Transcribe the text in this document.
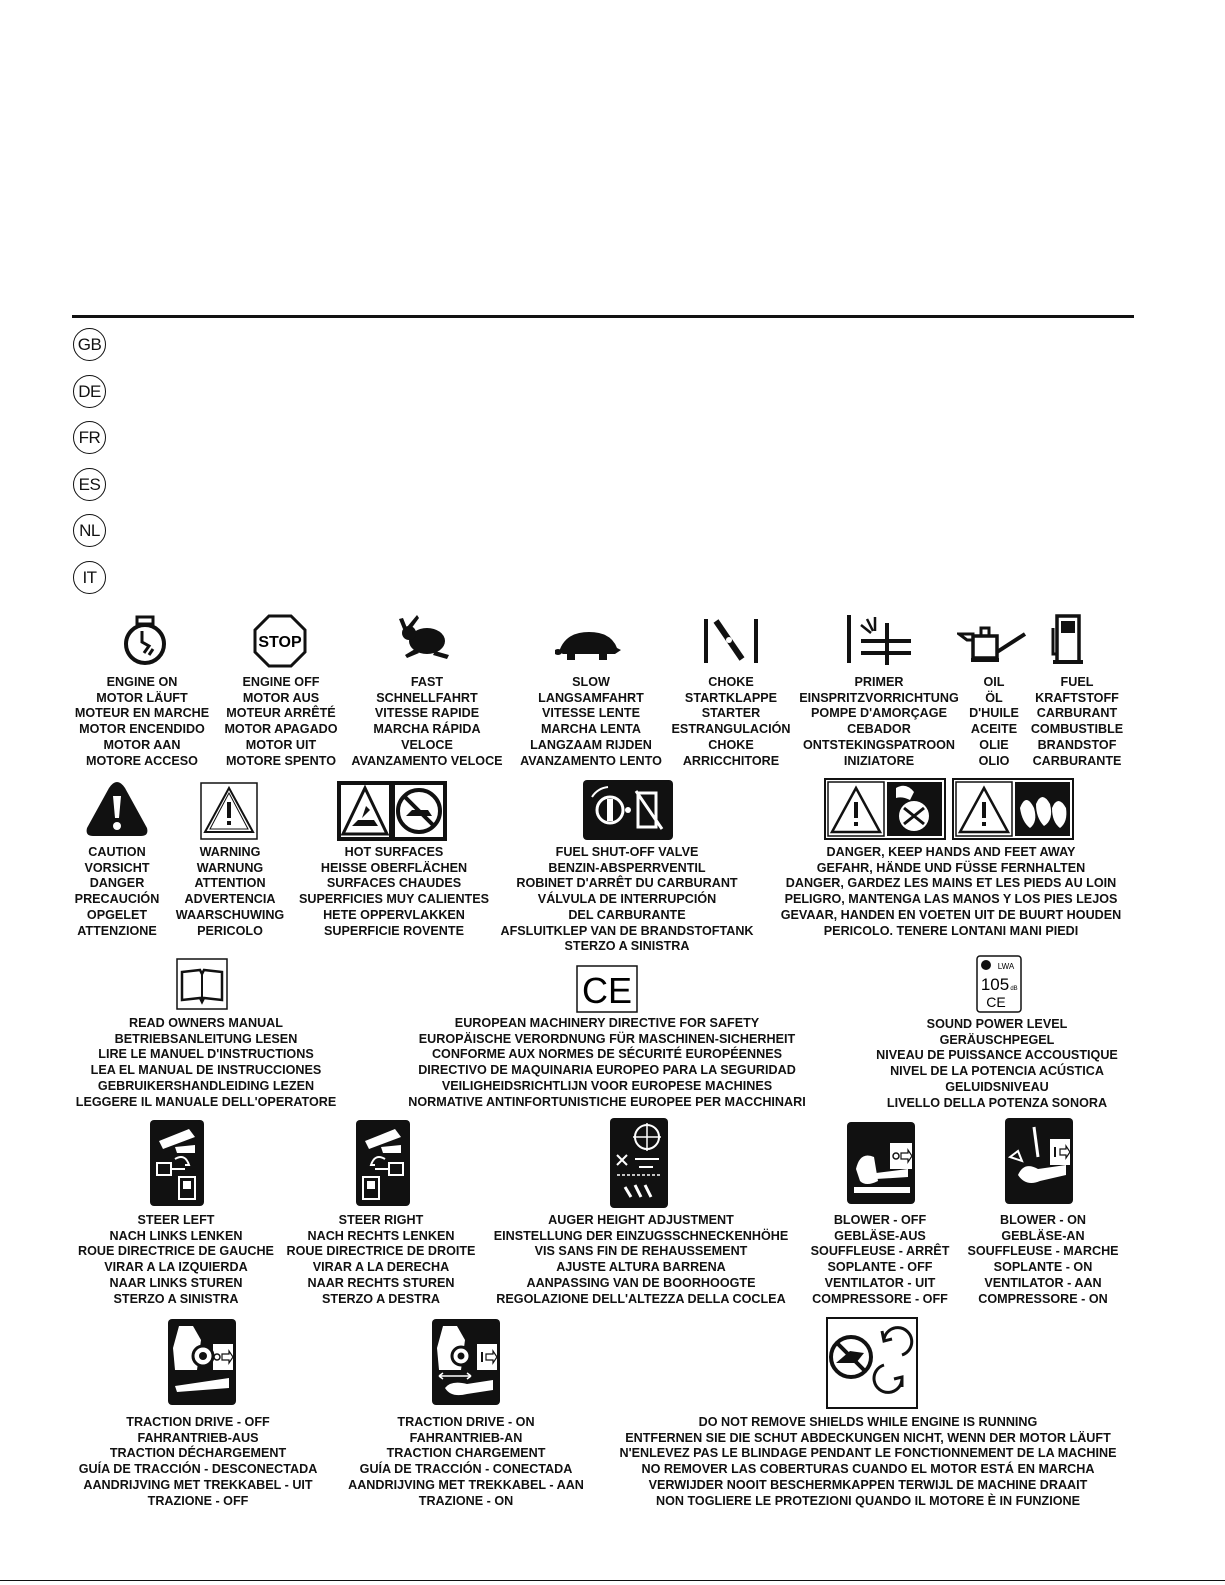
GB
DE
FR
ES
NL
IT
STOP
ENGINE ON
MOTOR LÄUFT
MOTEUR EN MARCHE
MOTOR ENCENDIDO
MOTOR AAN
MOTORE ACCESO
ENGINE OFF
MOTOR AUS
MOTEUR ARRÊTÉ
MOTOR APAGADO
MOTOR UIT
MOTORE SPENTO
FAST
SCHNELLFAHRT
VITESSE RAPIDE
MARCHA RÁPIDA
VELOCE
AVANZAMENTO VELOCE
SLOW
LANGSAMFAHRT
VITESSE LENTE
MARCHA LENTA
LANGZAAM RIJDEN
AVANZAMENTO LENTO
CHOKE
STARTKLAPPE
STARTER
ESTRANGULACIÓN
CHOKE
ARRICCHITORE
PRIMER
EINSPRITZVORRICHTUNG
POMPE D'AMORÇAGE
CEBADOR
ONTSTEKINGSPATROON
INIZIATORE
OIL
ÖL
D'HUILE
ACEITE
OLIE
OLIO
FUEL
KRAFTSTOFF
CARBURANT
COMBUSTIBLE
BRANDSTOF
CARBURANTE
CAUTION
VORSICHT
DANGER
PRECAUCIÓN
OPGELET
ATTENZIONE
WARNING
WARNUNG
ATTENTION
ADVERTENCIA
WAARSCHUWING
PERICOLO
HOT SURFACES
HEISSE OBERFLÄCHEN
SURFACES CHAUDES
SUPERFICIES MUY CALIENTES
HETE OPPERVLAKKEN
SUPERFICIE ROVENTE
FUEL SHUT-OFF VALVE
BENZIN-ABSPERRVENTIL
ROBINET D'ARRÊT DU CARBURANT
VÁLVULA DE INTERRUPCIÓN
DEL CARBURANTE
AFSLUITKLEP VAN DE BRANDSTOFTANK
STERZO A SINISTRA
DANGER, KEEP HANDS AND FEET AWAY
GEFAHR, HÄNDE UND FÜSSE FERNHALTEN
DANGER, GARDEZ LES MAINS ET LES PIEDS AU LOIN
PELIGRO, MANTENGA LAS MANOS Y LOS PIES LEJOS
GEVAAR, HANDEN EN VOETEN UIT DE BUURT HOUDEN
PERICOLO. TENERE LONTANI MANI PIEDI
CE
LWA
105 dB
CE
READ OWNERS MANUAL
BETRIEBSANLEITUNG LESEN
LIRE LE MANUEL D'INSTRUCTIONS
LEA EL MANUAL DE INSTRUCCIONES
GEBRUIKERSHANDLEIDING LEZEN
LEGGERE IL MANUALE DELL'OPERATORE
EUROPEAN MACHINERY DIRECTIVE FOR SAFETY
EUROPÄISCHE VERORDNUNG FÜR MASCHINEN-SICHERHEIT
CONFORME AUX NORMES DE SÉCURITÉ EUROPÉENNES
DIRECTIVO DE MAQUINARIA EUROPEO PARA LA SEGURIDAD
VEILIGHEIDSRICHTLIJN VOOR EUROPESE MACHINES
NORMATIVE ANTINFORTUNISTICHE EUROPEE PER MACCHINARI
SOUND POWER LEVEL
GERÄUSCHPEGEL
NIVEAU DE PUISSANCE ACCOUSTIQUE
NIVEL DE LA POTENCIA ACÚSTICA
GELUIDSNIVEAU
LIVELLO DELLA POTENZA SONORA
STEER LEFT
NACH LINKS LENKEN
ROUE DIRECTRICE DE GAUCHE
VIRAR A LA IZQUIERDA
NAAR LINKS STUREN
STERZO A SINISTRA
STEER RIGHT
NACH RECHTS LENKEN
ROUE DIRECTRICE DE DROITE
VIRAR A LA DERECHA
NAAR RECHTS STUREN
STERZO A DESTRA
AUGER HEIGHT ADJUSTMENT
EINSTELLUNG DER EINZUGSSCHNECKENHÖHE
VIS SANS FIN DE REHAUSSEMENT
AJUSTE ALTURA BARRENA
AANPASSING VAN DE BOORHOOGTE
REGOLAZIONE DELL'ALTEZZA DELLA COCLEA
BLOWER - OFF
GEBLÄSE-AUS
SOUFFLEUSE - ARRÊT
SOPLANTE - OFF
VENTILATOR - UIT
COMPRESSORE - OFF
BLOWER - ON
GEBLÄSE-AN
SOUFFLEUSE - MARCHE
SOPLANTE - ON
VENTILATOR - AAN
COMPRESSORE - ON
TRACTION DRIVE - OFF
FAHRANTRIEB-AUS
TRACTION DÉCHARGEMENT
GUÍA DE TRACCIÓN - DESCONECTADA
AANDRIJVING MET TREKKABEL - UIT
TRAZIONE - OFF
TRACTION DRIVE - ON
FAHRANTRIEB-AN
TRACTION CHARGEMENT
GUÍA DE TRACCIÓN - CONECTADA
AANDRIJVING MET TREKKABEL - AAN
TRAZIONE - ON
DO NOT REMOVE SHIELDS WHILE ENGINE IS RUNNING
ENTFERNEN SIE DIE SCHUT ABDECKUNGEN NICHT, WENN DER MOTOR LÄUFT
N'ENLEVEZ PAS LE BLINDAGE PENDANT LE FONCTIONNEMENT DE LA MACHINE
NO REMOVER LAS COBERTURAS CUANDO EL MOTOR ESTÁ EN MARCHA
VERWIJDER NOOIT BESCHERMKAPPEN TERWIJL DE MACHINE DRAAIT
NON TOGLIERE LE PROTEZIONI QUANDO IL MOTORE È IN FUNZIONE
